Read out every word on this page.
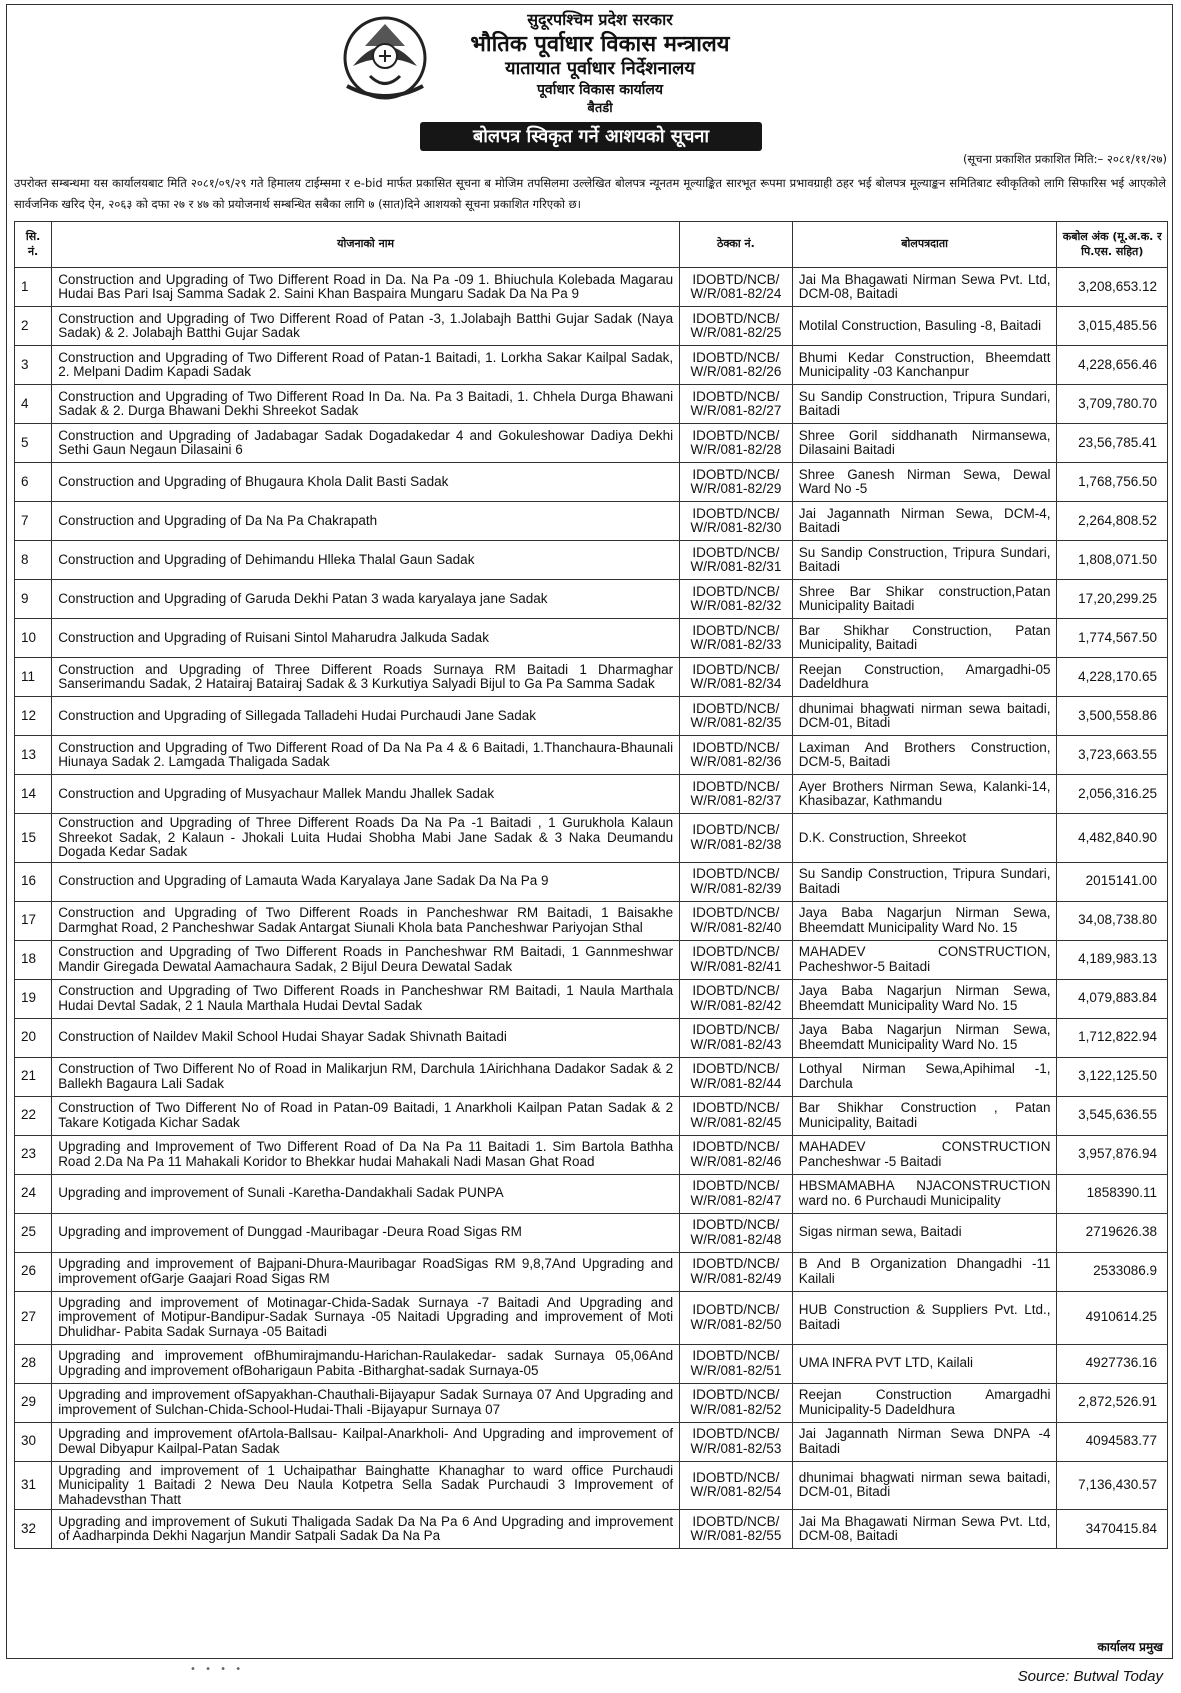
सुदूरपश्चिम प्रदेश सरकार
भौतिक पूर्वाधार विकास मन्त्रालय
यातायात पूर्वाधार निर्देशनालय
पूर्वाधार विकास कार्यालय
बैतडी
बोलपत्र स्विकृत गर्ने आशयको सूचना
(सूचना प्रकाशित प्रकाशित मिति:– २०८१/११/२७)
उपरोक्त सम्बन्धमा यस कार्यालयबाट मिति २०८१/०९/२९ गते हिमालय टाईम्समा र e-bid मार्फत प्रकासित सूचना ब मोजिम तपसिलमा उल्लेखित बोलपत्र न्यूनतम मूल्याङ्कित सारभूत रूपमा प्रभावग्राही ठहर भई बोलपत्र मूल्याङ्कन समितिबाट स्वीकृतिको लागि सिफारिस भई आएकोले सार्वजनिक खरिद ऐन, २०६३ को दफा २७ र ४७ को प्रयोजनार्थ सम्बन्धित सबैका लागि ७ (सात)दिने आशयको सूचना प्रकाशित गरिएको छ।
सि. नं.	योजनाको नाम	ठेक्का नं.	बोलपत्रदाता	कबोल अंक (मू.अ.क. र पि.एस. सहित)
1	Construction and Upgrading of Two Different Road in Da. Na Pa -09 1. Bhiuchula Kolebada Magarau Hudai Bas Pari Isaj Samma Sadak 2. Saini Khan Baspaira Mungaru Sadak Da Na Pa 9	IDOBTD/NCB/ W/R/081-82/24	Jai Ma Bhagawati Nirman Sewa Pvt. Ltd, DCM-08, Baitadi	3,208,653.12
2	Construction and Upgrading of Two Different Road of Patan -3, 1.Jolabajh Batthi Gujar Sadak (Naya Sadak) & 2. Jolabajh Batthi Gujar Sadak	IDOBTD/NCB/ W/R/081-82/25	Motilal Construction, Basuling -8, Baitadi	3,015,485.56
3	Construction and Upgrading of Two Different Road of Patan-1 Baitadi, 1. Lorkha Sakar Kailpal Sadak, 2. Melpani Dadim Kapadi Sadak	IDOBTD/NCB/ W/R/081-82/26	Bhumi Kedar Construction, Bheemdatt Municipality -03 Kanchanpur	4,228,656.46
4	Construction and Upgrading of Two Different Road In Da. Na. Pa 3 Baitadi, 1. Chhela Durga Bhawani Sadak & 2. Durga Bhawani Dekhi Shreekot Sadak	IDOBTD/NCB/ W/R/081-82/27	Su Sandip Construction, Tripura Sundari, Baitadi	3,709,780.70
5	Construction and Upgrading of Jadabagar Sadak Dogadakedar 4 and Gokuleshowar Dadiya Dekhi Sethi Gaun Negaun Dilasaini 6	IDOBTD/NCB/ W/R/081-82/28	Shree Goril siddhanath Nirmansewa, Dilasaini Baitadi	23,56,785.41
6	Construction and Upgrading of Bhugaura Khola Dalit Basti Sadak	IDOBTD/NCB/ W/R/081-82/29	Shree Ganesh Nirman Sewa, Dewal Ward No -5	1,768,756.50
7	Construction and Upgrading of Da Na Pa Chakrapath	IDOBTD/NCB/ W/R/081-82/30	Jai Jagannath Nirman Sewa, DCM-4, Baitadi	2,264,808.52
8	Construction and Upgrading of Dehimandu Hlleka Thalal Gaun Sadak	IDOBTD/NCB/ W/R/081-82/31	Su Sandip Construction, Tripura Sundari, Baitadi	1,808,071.50
9	Construction and Upgrading of Garuda Dekhi Patan 3 wada karyalaya jane Sadak	IDOBTD/NCB/ W/R/081-82/32	Shree Bar Shikar construction,Patan Municipality Baitadi	17,20,299.25
10	Construction and Upgrading of Ruisani Sintol Maharudra Jalkuda Sadak	IDOBTD/NCB/ W/R/081-82/33	Bar Shikhar Construction, Patan Municipality, Baitadi	1,774,567.50
11	Construction and Upgrading of Three Different Roads Surnaya RM Baitadi 1 Dharmaghar Sanserimandu Sadak, 2 Hatairaj Batairaj Sadak & 3 Kurkutiya Salyadi Bijul to Ga Pa Samma Sadak	IDOBTD/NCB/ W/R/081-82/34	Reejan Construction, Amargadhi-05 Dadeldhura	4,228,170.65
12	Construction and Upgrading of Sillegada Talladehi Hudai Purchaudi Jane Sadak	IDOBTD/NCB/ W/R/081-82/35	dhunimai bhagwati nirman sewa baitadi, DCM-01, Bitadi	3,500,558.86
13	Construction and Upgrading of Two Different Road of Da Na Pa 4 & 6 Baitadi, 1.Thanchaura-Bhaunali Hiunaya Sadak 2. Lamgada Thaligada Sadak	IDOBTD/NCB/ W/R/081-82/36	Laximan And Brothers Construction, DCM-5, Baitadi	3,723,663.55
14	Construction and Upgrading of Musyachaur Mallek Mandu Jhallek Sadak	IDOBTD/NCB/ W/R/081-82/37	Ayer Brothers Nirman Sewa, Kalanki-14, Khasibazar, Kathmandu	2,056,316.25
15	Construction and Upgrading of Three Different Roads Da Na Pa -1 Baitadi , 1 Gurukhola Kalaun Shreekot Sadak, 2 Kalaun - Jhokali Luita Hudai Shobha Mabi Jane Sadak & 3 Naka Deumandu Dogada Kedar Sadak	IDOBTD/NCB/ W/R/081-82/38	D.K. Construction, Shreekot	4,482,840.90
16	Construction and Upgrading of Lamauta Wada Karyalaya Jane Sadak Da Na Pa 9	IDOBTD/NCB/ W/R/081-82/39	Su Sandip Construction, Tripura Sundari, Baitadi	2015141.00
17	Construction and Upgrading of Two Different Roads in Pancheshwar RM Baitadi, 1 Baisakhe Darmghat Road, 2 Pancheshwar Sadak Antargat Siunali Khola bata Pancheshwar Pariyojan Sthal	IDOBTD/NCB/ W/R/081-82/40	Jaya Baba Nagarjun Nirman Sewa, Bheemdatt Municipality Ward No. 15	34,08,738.80
18	Construction and Upgrading of Two Different Roads in Pancheshwar RM Baitadi, 1 Gannmeshwar Mandir Giregada Dewatal Aamachaura Sadak, 2 Bijul Deura Dewatal Sadak	IDOBTD/NCB/ W/R/081-82/41	MAHADEV CONSTRUCTION, Pacheshwor-5 Baitadi	4,189,983.13
19	Construction and Upgrading of Two Different Roads in Pancheshwar RM Baitadi, 1 Naula Marthala Hudai Devtal Sadak, 2 1 Naula Marthala Hudai Devtal Sadak	IDOBTD/NCB/ W/R/081-82/42	Jaya Baba Nagarjun Nirman Sewa, Bheemdatt Municipality Ward No. 15	4,079,883.84
20	Construction of Naildev Makil School Hudai Shayar Sadak Shivnath Baitadi	IDOBTD/NCB/ W/R/081-82/43	Jaya Baba Nagarjun Nirman Sewa, Bheemdatt Municipality Ward No. 15	1,712,822.94
21	Construction of Two Different No of Road in Malikarjun RM, Darchula 1Airichhana Dadakor Sadak & 2 Ballekh Bagaura Lali Sadak	IDOBTD/NCB/ W/R/081-82/44	Lothyal Nirman Sewa,Apihimal -1, Darchula	3,122,125.50
22	Construction of Two Different No of Road in Patan-09 Baitadi, 1 Anarkholi Kailpan Patan Sadak & 2 Takare Kotigada Kichar Sadak	IDOBTD/NCB/ W/R/081-82/45	Bar Shikhar Construction , Patan Municipality, Baitadi	3,545,636.55
23	Upgrading and Improvement of Two Different Road of Da Na Pa 11 Baitadi 1. Sim Bartola Bathha Road 2.Da Na Pa 11 Mahakali Koridor to Bhekkar hudai Mahakali Nadi Masan Ghat Road	IDOBTD/NCB/ W/R/081-82/46	MAHADEV CONSTRUCTION Pancheshwar -5 Baitadi	3,957,876.94
24	Upgrading and improvement of Sunali -Karetha-Dandakhali Sadak PUNPA	IDOBTD/NCB/ W/R/081-82/47	HBSMAMABHA NJACONSTRUCTION ward no. 6 Purchaudi Municipality	1858390.11
25	Upgrading and improvement of Dunggad -Mauribagar -Deura Road Sigas RM	IDOBTD/NCB/ W/R/081-82/48	Sigas nirman sewa, Baitadi	2719626.38
26	Upgrading and improvement of Bajpani-Dhura-Mauribagar RoadSigas RM 9,8,7And Upgrading and improvement ofGarje Gaajari Road Sigas RM	IDOBTD/NCB/ W/R/081-82/49	B And B Organization Dhangadhi -11 Kailali	2533086.9
27	Upgrading and improvement of Motinagar-Chida-Sadak Surnaya -7 Baitadi And Upgrading and improvement of Motipur-Bandipur-Sadak Surnaya -05 Naitadi Upgrading and improvement of Moti Dhulidhar- Pabita Sadak Surnaya -05 Baitadi	IDOBTD/NCB/ W/R/081-82/50	HUB Construction & Suppliers Pvt. Ltd., Baitadi	4910614.25
28	Upgrading and improvement ofBhumirajmandu-Harichan-Raulakedar- sadak Surnaya 05,06And Upgrading and improvement ofBoharigaun Pabita -Bitharghat-sadak Surnaya-05	IDOBTD/NCB/ W/R/081-82/51	UMA INFRA PVT LTD, Kailali	4927736.16
29	Upgrading and improvement ofSapyakhan-Chauthali-Bijayapur Sadak Surnaya 07 And Upgrading and improvement of Sulchan-Chida-School-Hudai-Thali -Bijayapur Surnaya 07	IDOBTD/NCB/ W/R/081-82/52	Reejan Construction Amargadhi Municipality-5 Dadeldhura	2,872,526.91
30	Upgrading and improvement ofArtola-Ballsau- Kailpal-Anarkholi- And Upgrading and improvement of Dewal Dibyapur Kailpal-Patan Sadak	IDOBTD/NCB/ W/R/081-82/53	Jai Jagannath Nirman Sewa DNPA -4 Baitadi	4094583.77
31	Upgrading and improvement of 1 Uchaipathar Bainghatte Khanaghar to ward office Purchaudi Municipality 1 Baitadi 2 Newa Deu Naula Kotpetra Sella Sadak Purchaudi 3 Improvement of Mahadevsthan Thatt	IDOBTD/NCB/ W/R/081-82/54	dhunimai bhagwati nirman sewa baitadi, DCM-01, Bitadi	7,136,430.57
32	Upgrading and improvement of Sukuti Thaligada Sadak Da Na Pa 6 And Upgrading and improvement of Aadharpinda Dekhi Nagarjun Mandir Satpali Sadak Da Na Pa	IDOBTD/NCB/ W/R/081-82/55	Jai Ma Bhagawati Nirman Sewa Pvt. Ltd, DCM-08, Baitadi	3470415.84
• • • •
कार्यालय प्रमुख
Source: Butwal Today
